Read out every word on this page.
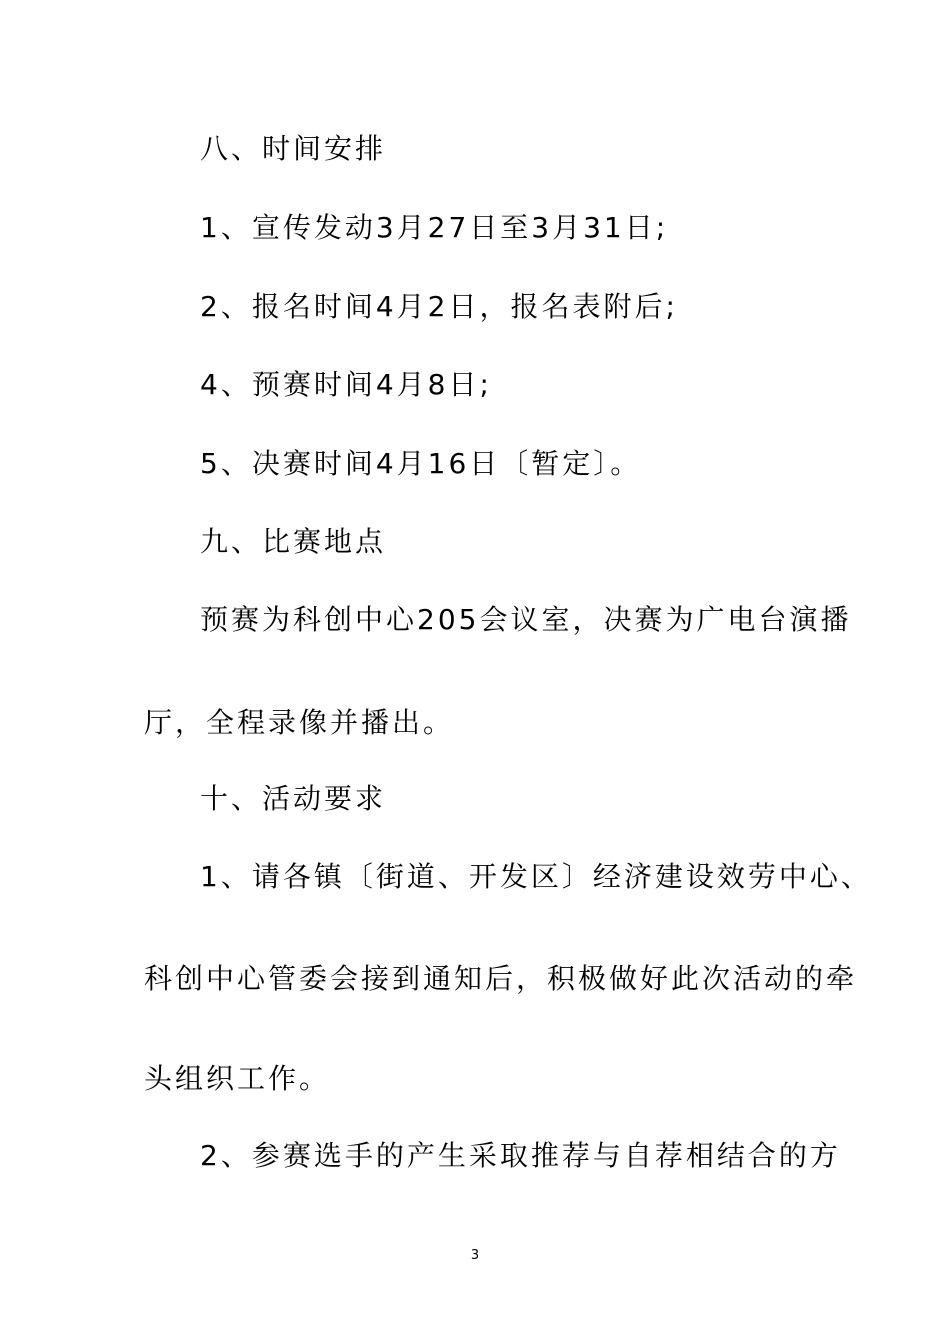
八、时间安排
1、宣传发动3月27日至3月31日;
2、报名时间4月2日，报名表附后;
4、预赛时间4月8日;
5、决赛时间4月16日〔暂定〕。
九、比赛地点
预赛为科创中心205会议室，决赛为广电台演播
厅，全程录像并播出。
十、活动要求
1、请各镇〔街道、开发区〕经济建设效劳中心、
科创中心管委会接到通知后，积极做好此次活动的牵
头组织工作。
2、参赛选手的产生采取推荐与自荐相结合的方
3
